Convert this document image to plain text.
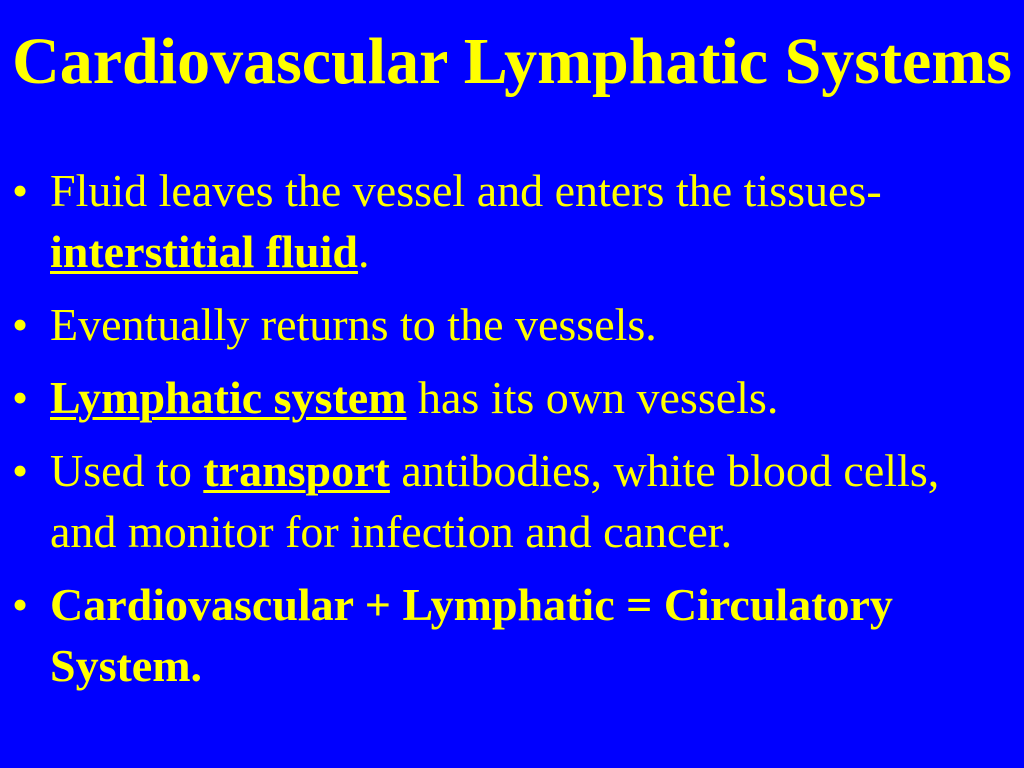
Cardiovascular Lymphatic Systems
• Fluid leaves the vessel and enters the tissues- interstitial fluid.
• Eventually returns to the vessels.
• Lymphatic system has its own vessels.
• Used to transport antibodies, white blood cells, and monitor for infection and cancer.
• Cardiovascular + Lymphatic = Circulatory System.
